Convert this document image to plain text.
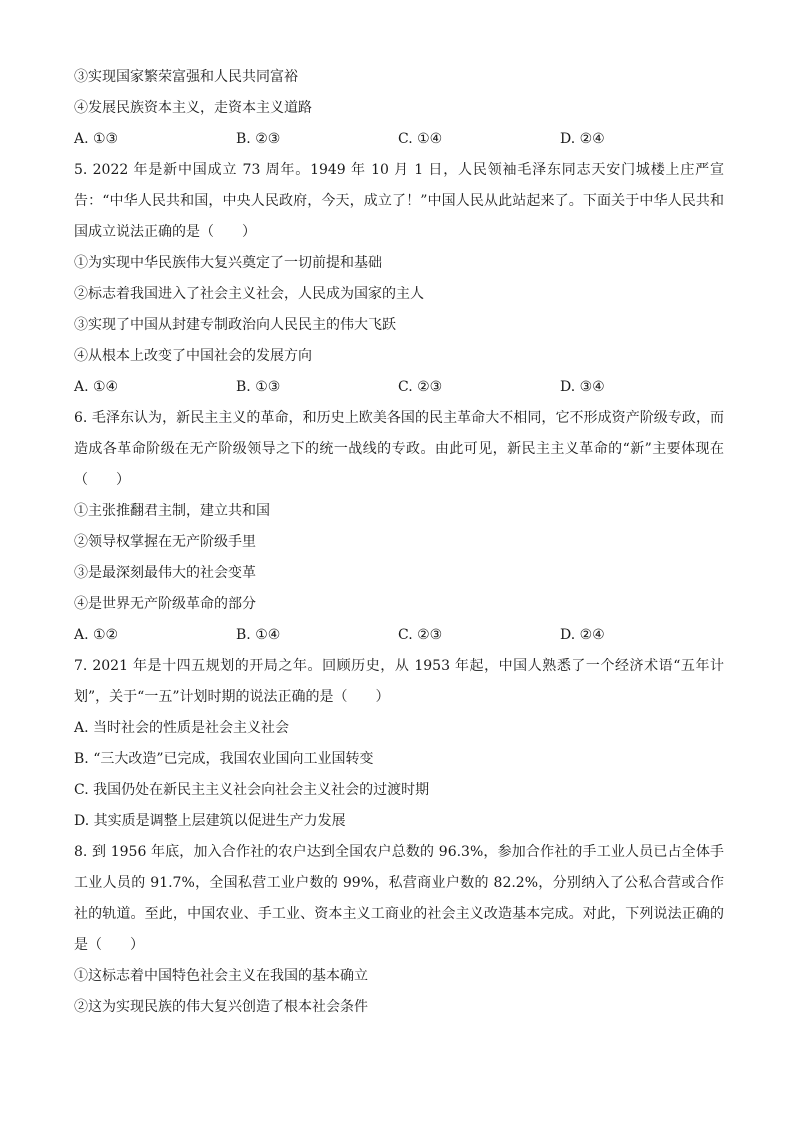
③实现国家繁荣富强和人民共同富裕
④发展民族资本主义，走资本主义道路
A. ①③	B. ②③	C. ①④	D. ②④
5. 2022 年是新中国成立 73 周年。1949 年 10 月 1 日，人民领袖毛泽东同志天安门城楼上庄严宣告：“中华人民共和国，中央人民政府，今天，成立了！”中国人民从此站起来了。下面关于中华人民共和国成立说法正确的是（　　）
①为实现中华民族伟大复兴奠定了一切前提和基础
②标志着我国进入了社会主义社会，人民成为国家的主人
③实现了中国从封建专制政治向人民民主的伟大飞跃
④从根本上改变了中国社会的发展方向
A. ①④	B. ①③	C. ②③	D. ③④
6. 毛泽东认为，新民主主义的革命，和历史上欧美各国的民主革命大不相同，它不形成资产阶级专政，而造成各革命阶级在无产阶级领导之下的统一战线的专政。由此可见，新民主主义革命的“新”主要体现在（　　）
①主张推翻君主制，建立共和国
②领导权掌握在无产阶级手里
③是最深刻最伟大的社会变革
④是世界无产阶级革命的部分
A. ①②	B. ①④	C. ②③	D. ②④
7. 2021 年是十四五规划的开局之年。回顾历史，从 1953 年起，中国人熟悉了一个经济术语“五年计划”，关于“一五”计划时期的说法正确的是（　　）
A. 当时社会的性质是社会主义社会
B. “三大改造”已完成，我国农业国向工业国转变
C. 我国仍处在新民主主义社会向社会主义社会的过渡时期
D. 其实质是调整上层建筑以促进生产力发展
8. 到 1956 年底，加入合作社的农户达到全国农户总数的 96.3%，参加合作社的手工业人员已占全体手工业人员的 91.7%，全国私营工业户数的 99%，私营商业户数的 82.2%，分别纳入了公私合营或合作社的轨道。至此，中国农业、手工业、资本主义工商业的社会主义改造基本完成。对此，下列说法正确的是（　　）
①这标志着中国特色社会主义在我国的基本确立
②这为实现民族的伟大复兴创造了根本社会条件
